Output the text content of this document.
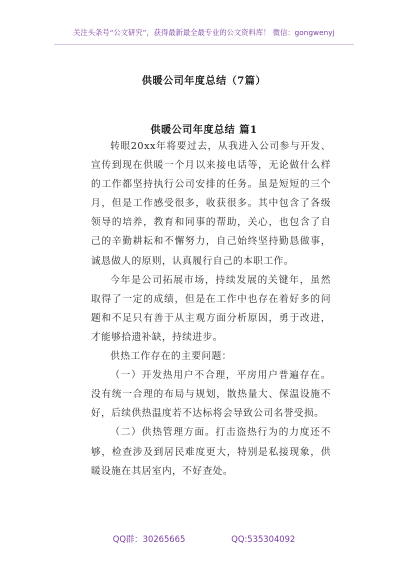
关注头条号“公文研究”，获得最新最全最专业的公文资料库！ 微信：gongwenyj
供暖公司年度总结（7篇）
供暖公司年度总结 篇1

转眼20xx年将要过去，从我进入公司参与开发、宣传到现在供暖一个月以来接电话等，无论做什么样的工作都坚持执行公司安排的任务。虽是短短的三个月，但是工作感受很多，收获很多。其中包含了各级领导的培养，教育和同事的帮助，关心，也包含了自己的辛勤耕耘和不懈努力，自己始终坚持勤恳做事，诚恳做人的原则，认真履行自己的本职工作。

今年是公司拓展市场，持续发展的关键年，虽然取得了一定的成绩，但是在工作中也存在着好多的问题和不足只有善于从主观方面分析原因，勇于改进，才能够拾遗补缺，持续进步。

供热工作存在的主要问题：

（一）开发热用户不合理，平房用户普遍存在。没有统一合理的布局与规划，散热量大、保温设施不好，后续供热温度若不达标将会导致公司名誉受损。

（二）供热管理方面。打击盗热行为的力度还不够，检查涉及到居民难度更大，特别是私接现象，供暖设施在其居室内，不好查处。

QQ群：30265665	QQ:535304092
